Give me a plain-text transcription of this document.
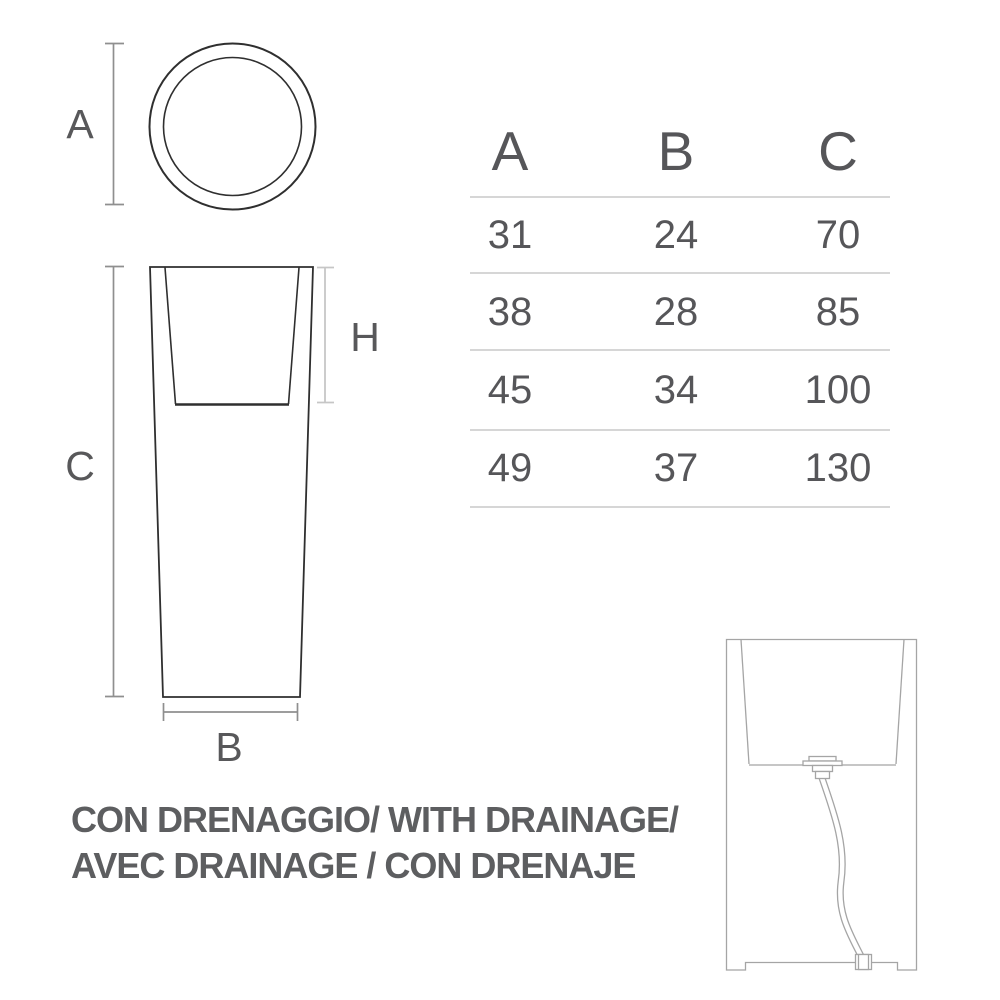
A
C
H
B
A	B	C
31	24	70
38	28	85
45	34	100
49	37	130
CON DRENAGGIO/ WITH DRAINAGE/
AVEC DRAINAGE / CON DRENAJE
